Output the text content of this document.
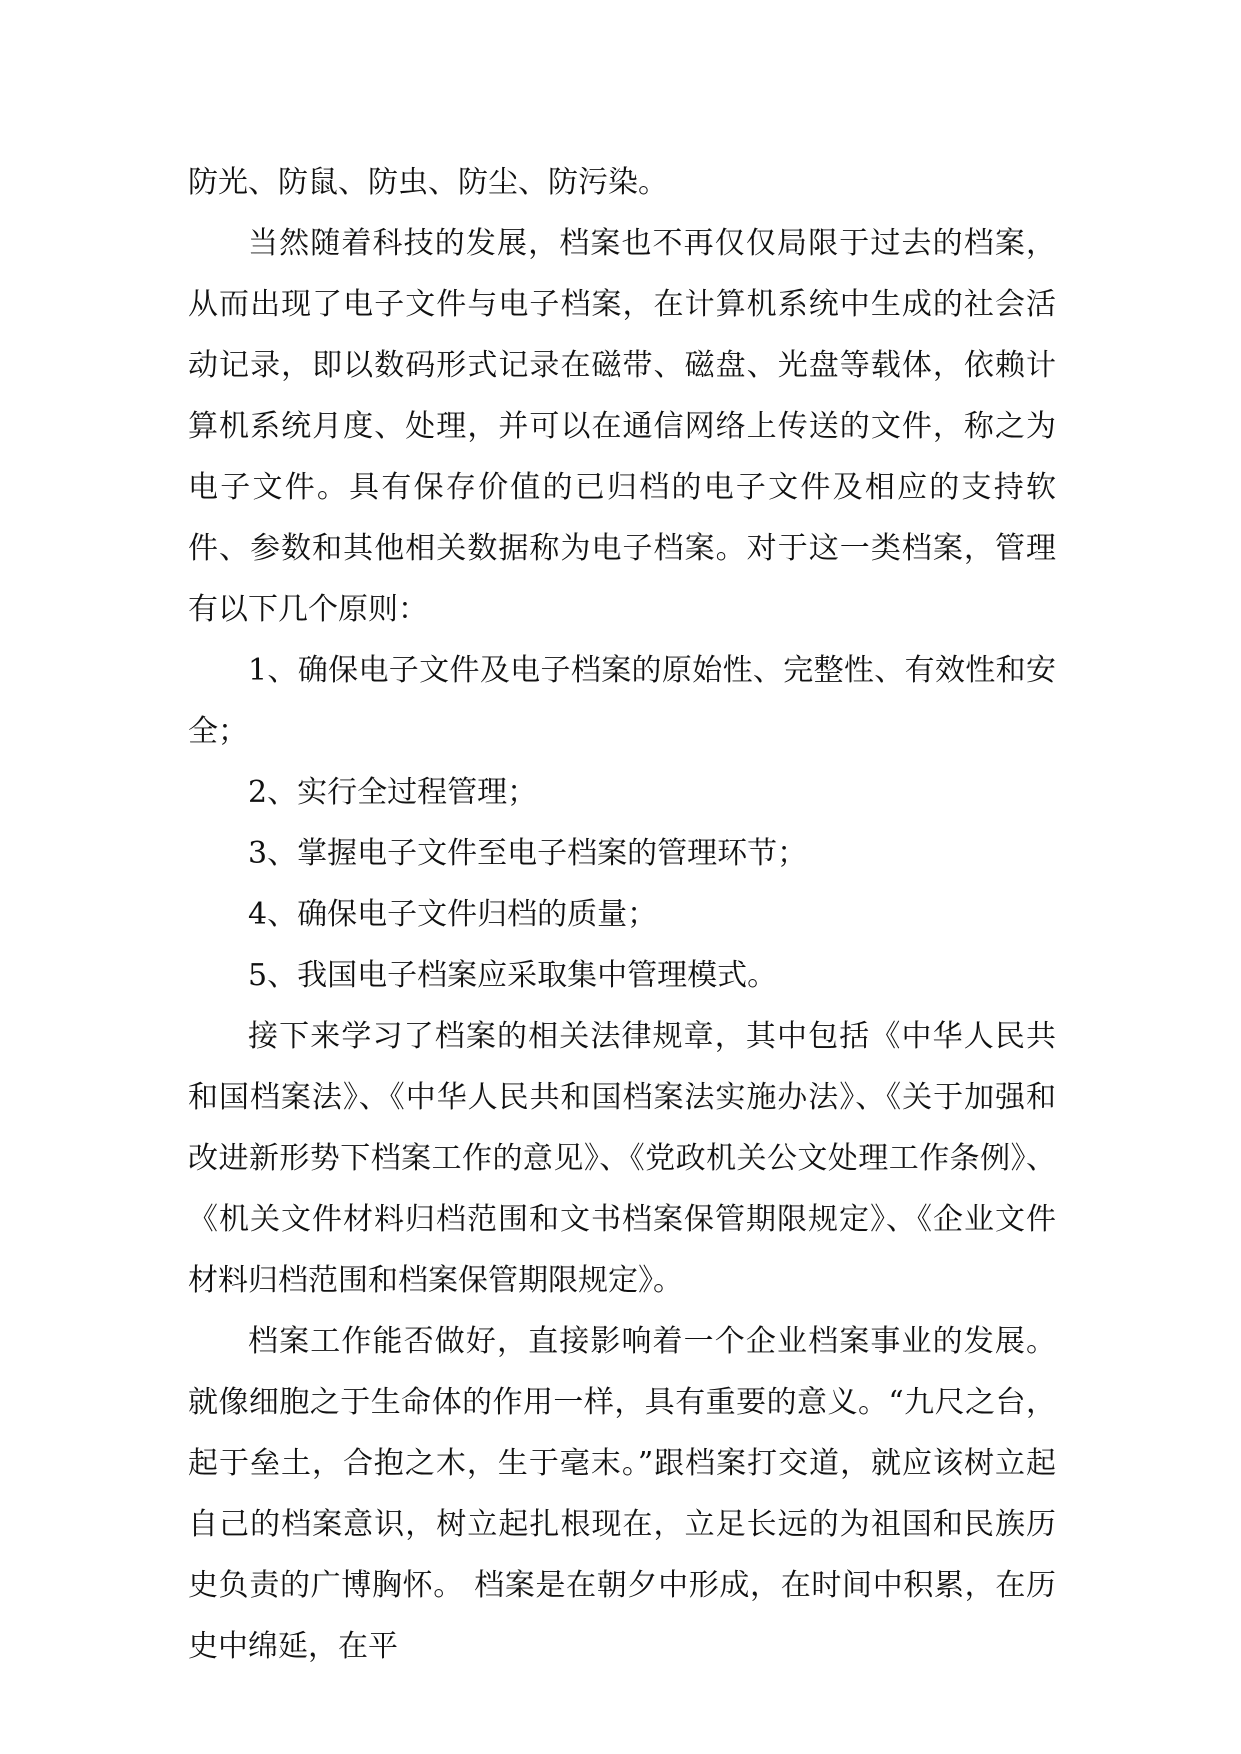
防光、防鼠、防虫、防尘、防污染。

当然随着科技的发展，档案也不再仅仅局限于过去的档案，从而出现了电子文件与电子档案，在计算机系统中生成的社会活动记录，即以数码形式记录在磁带、磁盘、光盘等载体，依赖计算机系统月度、处理，并可以在通信网络上传送的文件，称之为电子文件。具有保存价值的已归档的电子文件及相应的支持软件、参数和其他相关数据称为电子档案。对于这一类档案，管理有以下几个原则：

1、确保电子文件及电子档案的原始性、完整性、有效性和安全；

2、实行全过程管理；

3、掌握电子文件至电子档案的管理环节；

4、确保电子文件归档的质量；

5、我国电子档案应采取集中管理模式。

接下来学习了档案的相关法律规章，其中包括《中华人民共和国档案法》、《中华人民共和国档案法实施办法》、《关于加强和改进新形势下档案工作的意见》、《党政机关公文处理工作条例》、《机关文件材料归档范围和文书档案保管期限规定》、《企业文件材料归档范围和档案保管期限规定》。

档案工作能否做好，直接影响着一个企业档案事业的发展。就像细胞之于生命体的作用一样，具有重要的意义。“九尺之台，起于垒土，合抱之木，生于毫末。”跟档案打交道，就应该树立起自己的档案意识，树立起扎根现在，立足长远的为祖国和民族历史负责的广博胸怀。 档案是在朝夕中形成，在时间中积累，在历史中绵延，在平
